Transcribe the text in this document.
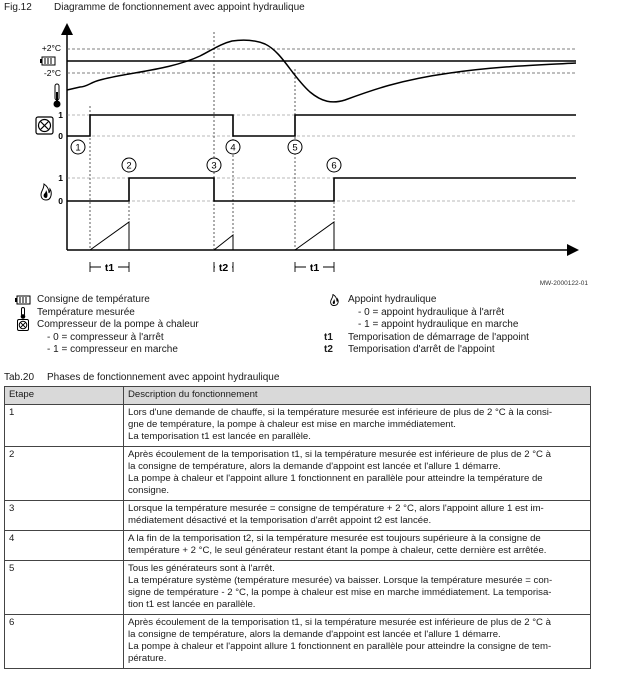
Fig.12 Diagramme de fonctionnement avec appoint hydraulique
t1	t2	t1
+2°C
-2°C
1
0
1
0
1
2	3
4	5
6
MW-2000122-01
Consigne de température
Température mesurée
Compresseur de la pompe à chaleur
- 0 = compresseur à l'arrêt
- 1 = compresseur en marche
Appoint hydraulique
- 0 = appoint hydraulique à l'arrêt
- 1 = appoint hydraulique en marche
t1	Temporisation de démarrage de l'appoint
t2	Temporisation d'arrêt de l'appoint
Tab.20 Phases de fonctionnement avec appoint hydraulique
Etape	Description du fonctionnement
1	Lors d'une demande de chauffe, si la température mesurée est inférieure de plus de 2 °C à la consi-

gne de température, la pompe à chaleur est mise en marche immédiatement.

La temporisation t1 est lancée en parallèle.

2	Après écoulement de la temporisation t1, si la température mesurée est inférieure de plus de 2 °C à

la consigne de température, alors la demande d'appoint est lancée et l'allure 1 démarre.

La pompe à chaleur et l'appoint allure 1 fonctionnent en parallèle pour atteindre la température de

consigne.

3	Lorsque la température mesurée = consigne de température + 2 °C, alors l'appoint allure 1 est im-

médiatement désactivé et la temporisation d'arrêt appoint t2 est lancée.

4	A la fin de la temporisation t2, si la température mesurée est toujours supérieure à la consigne de

température + 2 °C, le seul générateur restant étant la pompe à chaleur, cette dernière est arrêtée.

5	Tous les générateurs sont à l'arrêt.

La température système (température mesurée) va baisser. Lorsque la température mesurée = con-

signe de température - 2 °C, la pompe à chaleur est mise en marche immédiatement. La temporisa-

tion t1 est lancée en parallèle.

6	Après écoulement de la temporisation t1, si la température mesurée est inférieure de plus de 2 °C à

la consigne de température, alors la demande d'appoint est lancée et l'allure 1 démarre.

La pompe à chaleur et l'appoint allure 1 fonctionnent en parallèle pour atteindre la consigne de tem-

pérature.
